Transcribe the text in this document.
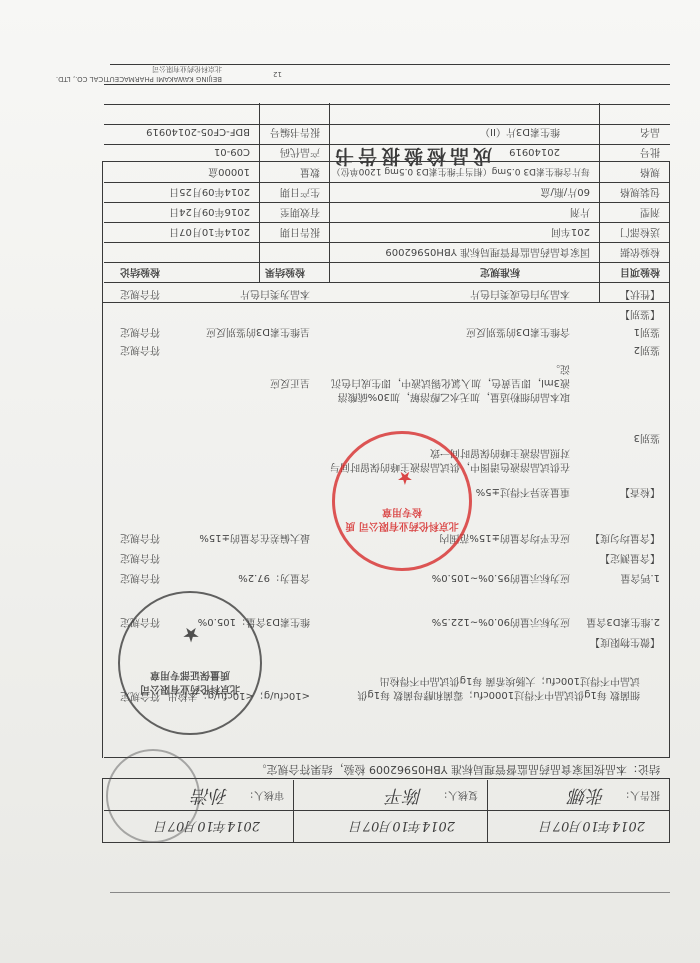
BEIJING KAWAKAMI PHARMACEUTICAL CO., LTD.
北京科伦药业有限公司
12
成品检验报告书
品名
维生素D3片（II）
报告书编号
BDF-CF05-20140919
批号
20140919
产品代码
C09-01
规格
每片含维生素D3 0.5mg（相当于维生素D3 0.5mg 1200单位）
数量
10000盒
包装规格
60片/瓶/盒
生产日期
2014年09月25日
剂型
片剂
有效期至
2016年09月24日
送检部门
201车间
报告日期
2014年10月07日
检验依据
国家食品药品监督管理局标准 YBH05962009
检验项目
标准规定
检验结果
检验结论
【性状】
本品为白色或类白色片
本品为类白色片
符合规定
【鉴别】
鉴别1
含维生素D3的鉴别反应
呈维生素D3的鉴别反应
符合规定
鉴别2
取本品的细粉适量，加无水乙醇溶解，加30%硫酸溶液3ml，即呈黄色，加入氯化锡试液中，即生成白色沉淀。
呈正反应
符合规定
鉴别3
在供试品溶液色谱图中，供试品溶液主峰的保留时间与对照品溶液主峰的保留时间一致
【检查】
重量差异不得过±5%
【含量均匀度】
应在平均含量的±15%范围内
最大偏差在含量的±15%
符合规定
【含量测定】
符合规定
1.钙含量
应为标示量的95.0%~105.0%
含量为：97.2%
符合规定
2.维生素D3含量
应为标示量的90.0%~122.5%
维生素D3含量：105.0%
符合规定
【微生物限度】
细菌数 每1g供试品中不得过1000cfu；霉菌和酵母菌数 每1g供试品中不得过100cfu；大肠埃希菌 每1g供试品中不得检出
<10cfu/g；<10cfu/g；未检出
符合规定
结论：本品按国家食品药品监督管理局标准 YBH05962009 检验，结果符合规定。
报告人：
张娜
复核人：
陈平
审核人：
孙浩
2014年10月07日
2014年10月07日
2014年10月07日
北京科伦药业有限公司 质检专用章
★
北京科伦药业有限公司 质量保证部专用章
★
